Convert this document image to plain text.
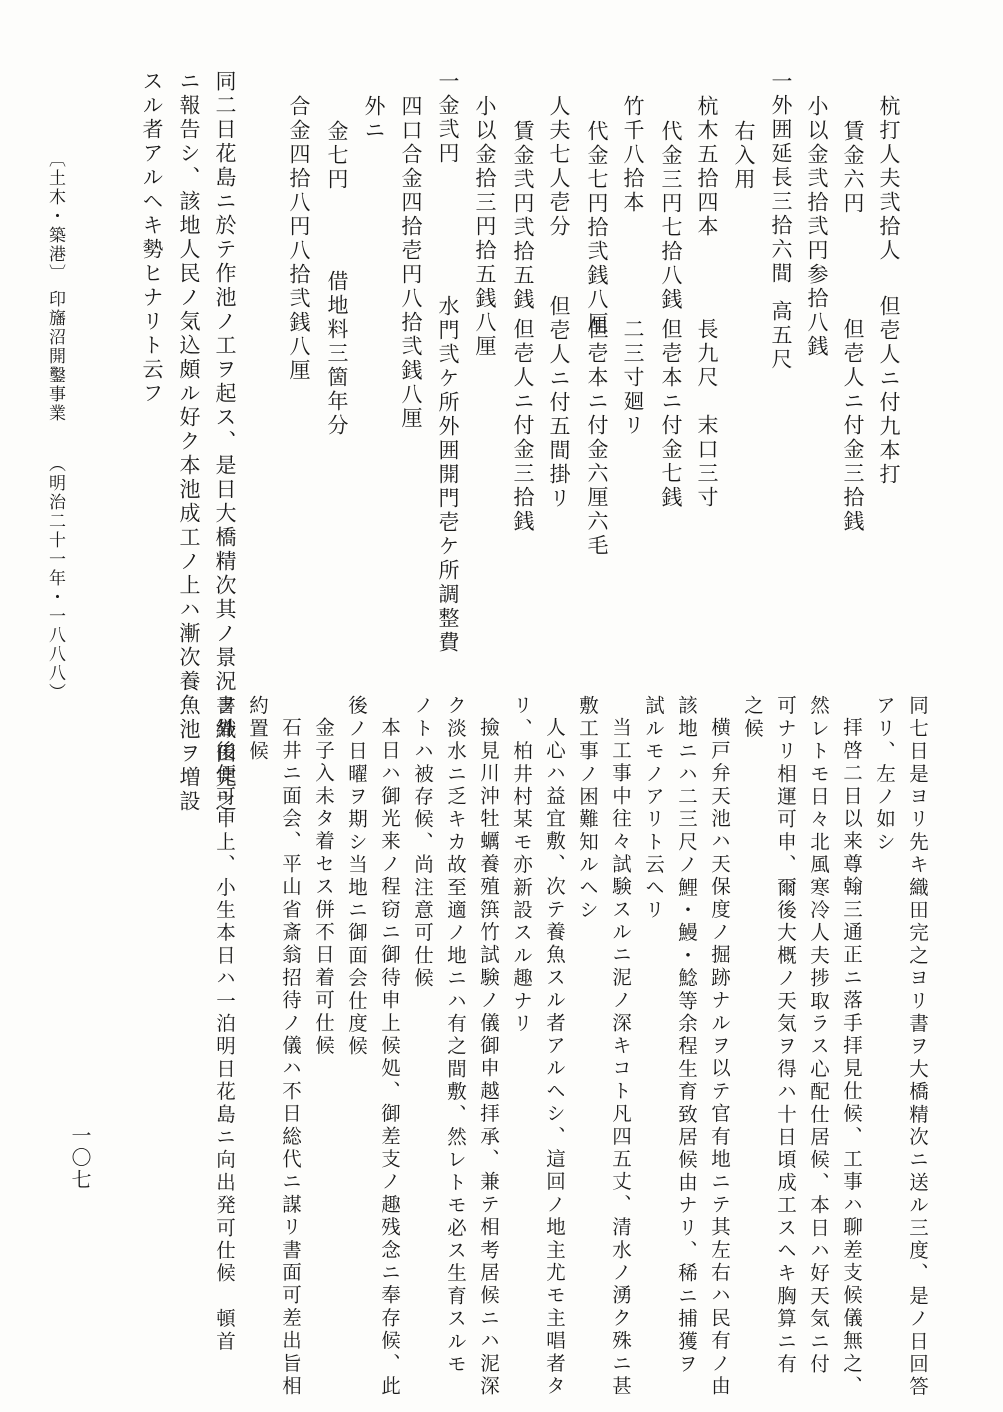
杭打人夫弐拾人
但壱人ニ付九本打
賃金六円
但壱人ニ付金三拾銭
小以金弐拾弐円参拾八銭
一外囲延長三拾六間
高五尺
右入用
杭木五拾四本
長九尺　末口三寸
代金三円七拾八銭
但壱本ニ付金七銭
竹千八拾本
二三寸廻リ
代金七円拾弐銭八厘
但壱本ニ付金六厘六毛
人夫七人壱分
但壱人ニ付五間掛リ
賃金弐円弐拾五銭
但壱人ニ付金三拾銭
小以金拾三円拾五銭八厘
一金弐円
水門弐ケ所外囲開門壱ケ所調整費
四口合金四拾壱円八拾弐銭八厘
外ニ
金七円
借地料三箇年分
合金四拾八円八拾弐銭八厘
同二日花島ニ於テ作池ノ工ヲ起ス、是日大橋精次其ノ景況ヲ織田完之
ニ報告シ、該地人民ノ気込頗ル好ク本池成工ノ上ハ漸次養魚池ヲ増設
スル者アルヘキ勢ヒナリト云フ
〔土木・築港〕
印旛沼開鑿事業
（明治二十一年・一八八八）
同七日是ヨリ先キ織田完之ヨリ書ヲ大橋精次ニ送ル三度、是ノ日回答
アリ、左ノ如シ
拝啓二日以来尊翰三通正ニ落手拝見仕候、工事ハ聊差支候儀無之、
然レトモ日々北風寒冷人夫捗取ラス心配仕居候、本日ハ好天気ニ付
可ナリ相運可申、爾後大概ノ天気ヲ得ハ十日頃成工スヘキ胸算ニ有
之候
横戸弁天池ハ天保度ノ掘跡ナルヲ以テ官有地ニテ其左右ハ民有ノ由
該地ニハ二三尺ノ鯉・鰻・鯰等余程生育致居候由ナリ、稀ニ捕獲ヲ
試ルモノアリト云ヘリ
当工事中往々試験スルニ泥ノ深キコト凡四五丈、清水ノ湧ク殊ニ甚
敷工事ノ困難知ルヘシ
人心ハ益宜敷、次テ養魚スル者アルヘシ、這回ノ地主尤モ主唱者タ
リ、柏井村某モ亦新設スル趣ナリ
撿見川沖牡蠣養殖篊竹試験ノ儀御申越拝承、兼テ相考居候ニハ泥深
ク淡水ニ乏キカ故至適ノ地ニハ有之間敷、然レトモ必ス生育スルモ
ノトハ被存候、尚注意可仕候
本日ハ御光来ノ程窃ニ御待申上候処、御差支ノ趣残念ニ奉存候、此
後ノ日曜ヲ期シ当地ニ御面会仕度候
金子入未タ着セス併不日着可仕候
石井ニ面会、平山省斎翁招待ノ儀ハ不日総代ニ謀リ書面可差出旨相
約置候
書外後便可申上、小生本日ハ一泊明日花島ニ向出発可仕候　頓首
一〇七
